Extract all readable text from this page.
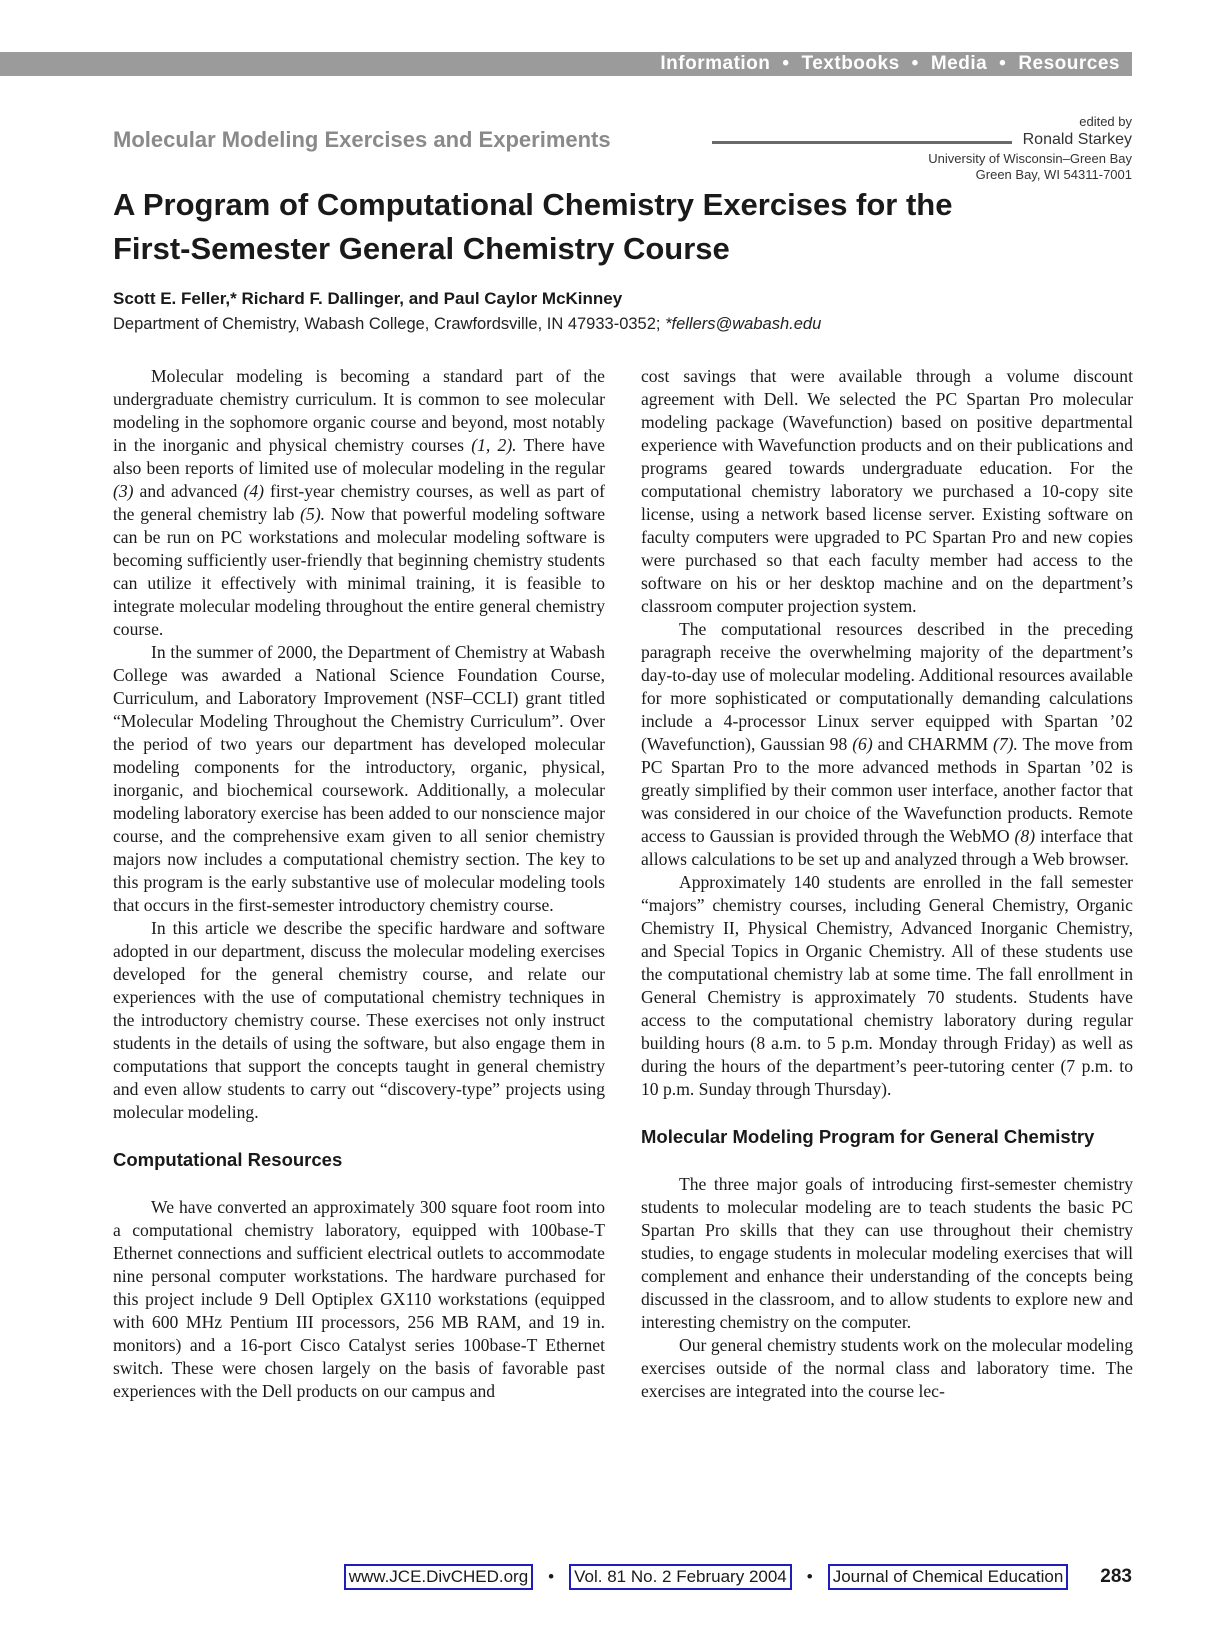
Information • Textbooks • Media • Resources
Molecular Modeling Exercises and Experiments
edited by
Ronald Starkey
University of Wisconsin–Green Bay
Green Bay, WI 54311-7001
A Program of Computational Chemistry Exercises for the First-Semester General Chemistry Course
Scott E. Feller,* Richard F. Dallinger, and Paul Caylor McKinney
Department of Chemistry, Wabash College, Crawfordsville, IN 47933-0352; *fellers@wabash.edu

Molecular modeling is becoming a standard part of the undergraduate chemistry curriculum. It is common to see molecular modeling in the sophomore organic course and beyond, most notably in the inorganic and physical chemistry courses (1, 2). There have also been reports of limited use of molecular modeling in the regular (3) and advanced (4) first-year chemistry courses, as well as part of the general chemistry lab (5). Now that powerful modeling software can be run on PC workstations and molecular modeling software is becoming sufficiently user-friendly that beginning chemistry students can utilize it effectively with minimal training, it is feasible to integrate molecular modeling throughout the entire general chemistry course.

In the summer of 2000, the Department of Chemistry at Wabash College was awarded a National Science Foundation Course, Curriculum, and Laboratory Improvement (NSF–CCLI) grant titled “Molecular Modeling Throughout the Chemistry Curriculum”. Over the period of two years our department has developed molecular modeling components for the introductory, organic, physical, inorganic, and biochemical coursework. Additionally, a molecular modeling laboratory exercise has been added to our nonscience major course, and the comprehensive exam given to all senior chemistry majors now includes a computational chemistry section. The key to this program is the early substantive use of molecular modeling tools that occurs in the first-semester introductory chemistry course.

In this article we describe the specific hardware and software adopted in our department, discuss the molecular modeling exercises developed for the general chemistry course, and relate our experiences with the use of computational chemistry techniques in the introductory chemistry course. These exercises not only instruct students in the details of using the software, but also engage them in computations that support the concepts taught in general chemistry and even allow students to carry out “discovery-type” projects using molecular modeling.

Computational Resources

We have converted an approximately 300 square foot room into a computational chemistry laboratory, equipped with 100base-T Ethernet connections and sufficient electrical outlets to accommodate nine personal computer workstations. The hardware purchased for this project include 9 Dell Optiplex GX110 workstations (equipped with 600 MHz Pentium III processors, 256 MB RAM, and 19 in. monitors) and a 16-port Cisco Catalyst series 100base-T Ethernet switch. These were chosen largely on the basis of favorable past experiences with the Dell products on our campus and

cost savings that were available through a volume discount agreement with Dell. We selected the PC Spartan Pro molecular modeling package (Wavefunction) based on positive departmental experience with Wavefunction products and on their publications and programs geared towards undergraduate education. For the computational chemistry laboratory we purchased a 10-copy site license, using a network based license server. Existing software on faculty computers were upgraded to PC Spartan Pro and new copies were purchased so that each faculty member had access to the software on his or her desktop machine and on the department’s classroom computer projection system.

The computational resources described in the preceding paragraph receive the overwhelming majority of the department’s day-to-day use of molecular modeling. Additional resources available for more sophisticated or computationally demanding calculations include a 4-processor Linux server equipped with Spartan ’02 (Wavefunction), Gaussian 98 (6) and CHARMM (7). The move from PC Spartan Pro to the more advanced methods in Spartan ’02 is greatly simplified by their common user interface, another factor that was considered in our choice of the Wavefunction products. Remote access to Gaussian is provided through the WebMO (8) interface that allows calculations to be set up and analyzed through a Web browser.

Approximately 140 students are enrolled in the fall semester “majors” chemistry courses, including General Chemistry, Organic Chemistry II, Physical Chemistry, Advanced Inorganic Chemistry, and Special Topics in Organic Chemistry. All of these students use the computational chemistry lab at some time. The fall enrollment in General Chemistry is approximately 70 students. Students have access to the computational chemistry laboratory during regular building hours (8 a.m. to 5 p.m. Monday through Friday) as well as during the hours of the department’s peer-tutoring center (7 p.m. to 10 p.m. Sunday through Thursday).

Molecular Modeling Program for General Chemistry

The three major goals of introducing first-semester chemistry students to molecular modeling are to teach students the basic PC Spartan Pro skills that they can use throughout their chemistry studies, to engage students in molecular modeling exercises that will complement and enhance their understanding of the concepts being discussed in the classroom, and to allow students to explore new and interesting chemistry on the computer.

Our general chemistry students work on the molecular modeling exercises outside of the normal class and laboratory time. The exercises are integrated into the course lec-

www.JCE.DivCHED.org • Vol. 81 No. 2 February 2004 • Journal of Chemical Education 283
